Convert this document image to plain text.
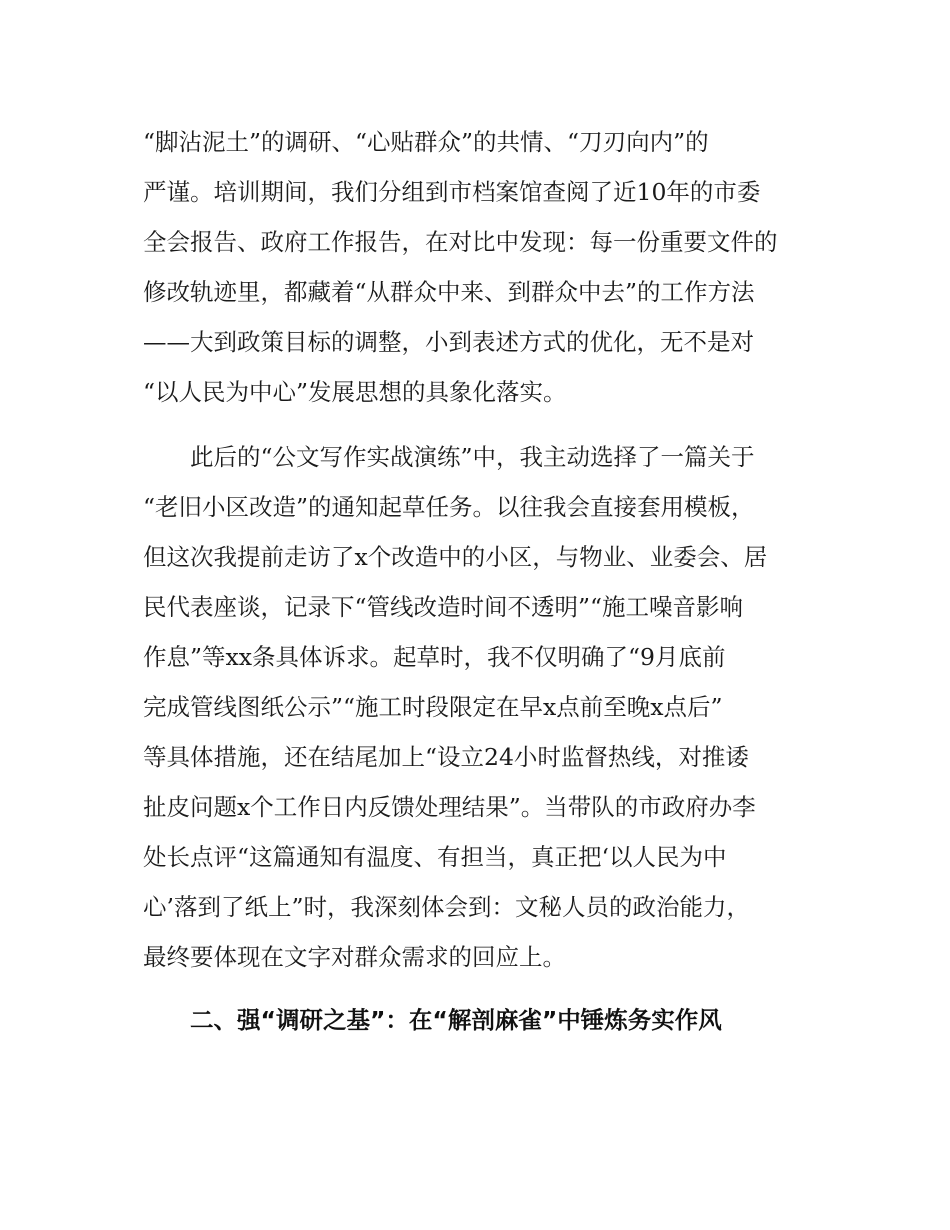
“脚沾泥土”的调研、“心贴群众”的共情、“刀刃向内”的
严谨。培训期间，我们分组到市档案馆查阅了近10年的市委
全会报告、政府工作报告，在对比中发现：每一份重要文件的
修改轨迹里，都藏着“从群众中来、到群众中去”的工作方法
——大到政策目标的调整，小到表述方式的优化，无不是对
“以人民为中心”发展思想的具象化落实。
此后的“公文写作实战演练”中，我主动选择了一篇关于
“老旧小区改造”的通知起草任务。以往我会直接套用模板，
但这次我提前走访了x个改造中的小区，与物业、业委会、居
民代表座谈，记录下“管线改造时间不透明”“施工噪音影响
作息”等xx条具体诉求。起草时，我不仅明确了“9月底前
完成管线图纸公示”“施工时段限定在早x点前至晚x点后”
等具体措施，还在结尾加上“设立24小时监督热线，对推诿
扯皮问题x个工作日内反馈处理结果”。当带队的市政府办李
处长点评“这篇通知有温度、有担当，真正把‘以人民为中
心’落到了纸上”时，我深刻体会到：文秘人员的政治能力，
最终要体现在文字对群众需求的回应上。
二、强“调研之基”：在“解剖麻雀”中锤炼务实作风
